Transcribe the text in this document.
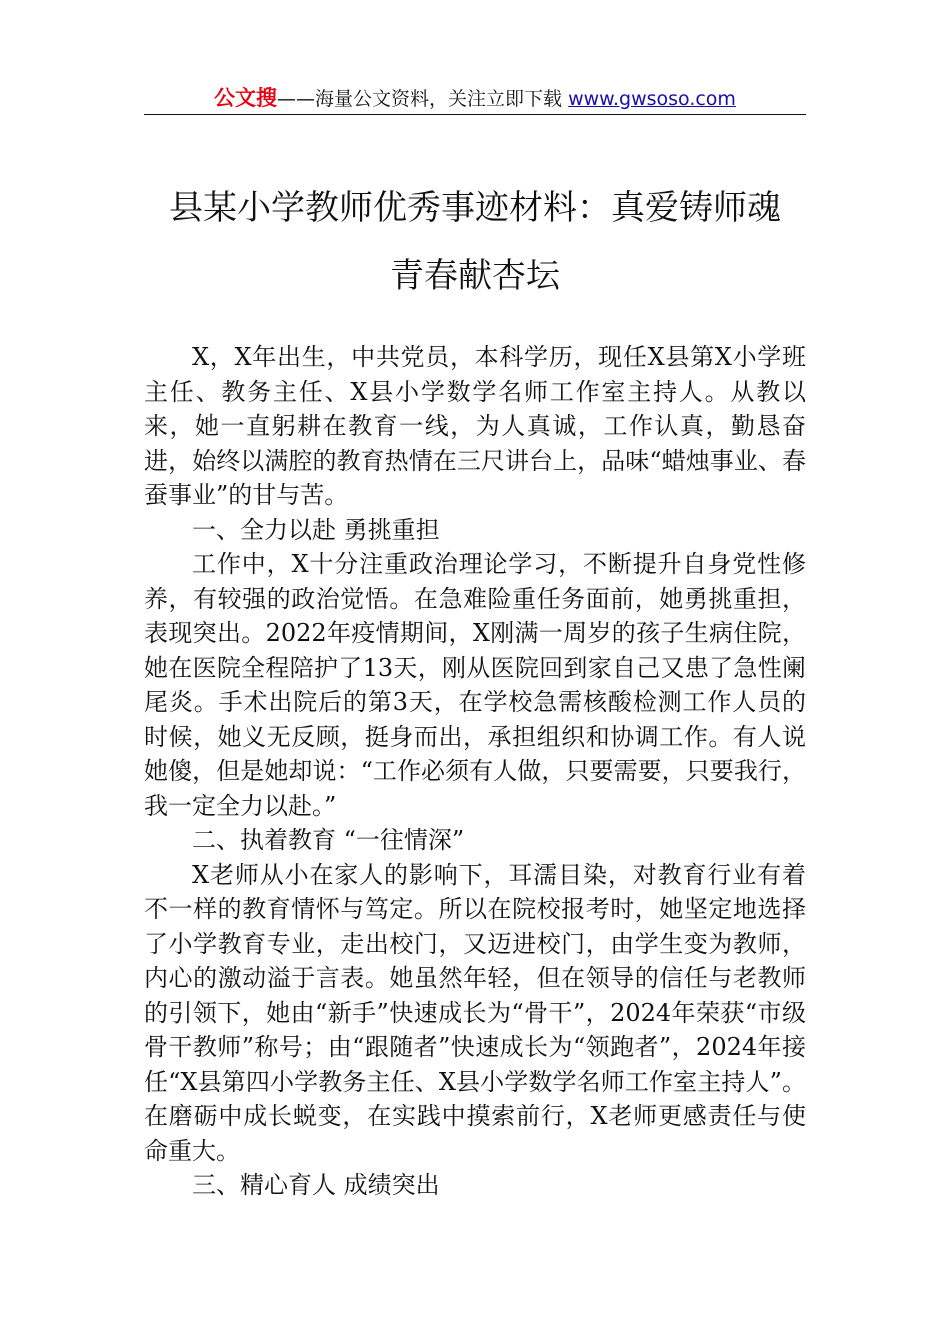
公文搜——海量公文资料，关注立即下载 www.gwsoso.com
县某小学教师优秀事迹材料：真爱铸师魂
青春献杏坛

X，X年出生，中共党员，本科学历，现任X县第X小学班主任、教务主任、X县小学数学名师工作室主持人。从教以来，她一直躬耕在教育一线，为人真诚，工作认真，勤恳奋进，始终以满腔的教育热情在三尺讲台上，品味“蜡烛事业、春蚕事业”的甘与苦。

一、全力以赴 勇挑重担

工作中，X十分注重政治理论学习，不断提升自身党性修养，有较强的政治觉悟。在急难险重任务面前，她勇挑重担，表现突出。2022年疫情期间，X刚满一周岁的孩子生病住院，她在医院全程陪护了13天，刚从医院回到家自己又患了急性阑尾炎。手术出院后的第3天，在学校急需核酸检测工作人员的时候，她义无反顾，挺身而出，承担组织和协调工作。有人说她傻，但是她却说：“工作必须有人做，只要需要，只要我行，我一定全力以赴。”

二、执着教育 “一往情深”

X老师从小在家人的影响下，耳濡目染，对教育行业有着不一样的教育情怀与笃定。所以在院校报考时，她坚定地选择了小学教育专业，走出校门，又迈进校门，由学生变为教师，内心的激动溢于言表。她虽然年轻，但在领导的信任与老教师的引领下，她由“新手”快速成长为“骨干”，2024年荣获“市级骨干教师”称号；由“跟随者”快速成长为“领跑者”，2024年接任“X县第四小学教务主任、X县小学数学名师工作室主持人”。在磨砺中成长蜕变，在实践中摸索前行，X老师更感责任与使命重大。

三、精心育人 成绩突出
